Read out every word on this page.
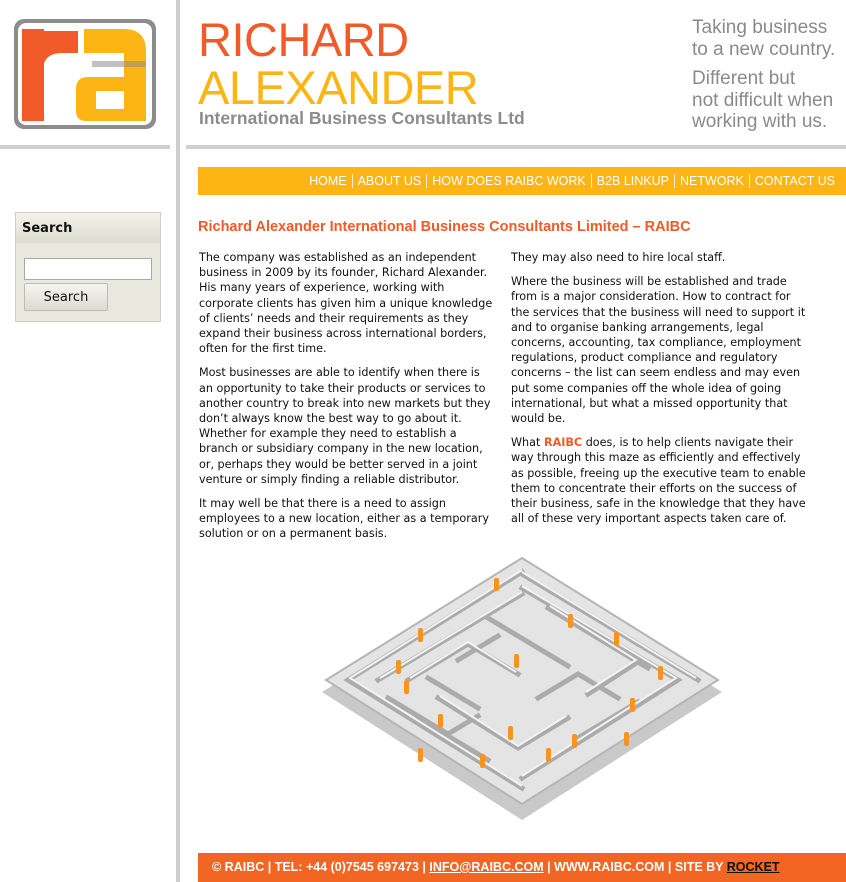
RICHARD
ALEXANDER
International Business Consultants Ltd
Taking business
to a new country.
Different but
not difficult when
working with us.
HOME ABOUT US HOW DOES RAIBC WORK B2B LINKUP NETWORK CONTACT US
Search
Search
Richard Alexander International Business Consultants Limited – RAIBC

The company was established as an independent business in 2009 by its founder, Richard Alexander. His many years of experience, working with corporate clients has given him a unique knowledge of clients’ needs and their requirements as they expand their business across international borders, often for the first time.

Most businesses are able to identify when there is an opportunity to take their products or services to another country to break into new markets but they don’t always know the best way to go about it. Whether for example they need to establish a branch or subsidiary company in the new location, or, perhaps they would be better served in a joint venture or simply finding a reliable distributor.

It may well be that there is a need to assign employees to a new location, either as a temporary solution or on a permanent basis.

They may also need to hire local staff.

Where the business will be established and trade from is a major consideration. How to contract for the services that the business will need to support it and to organise banking arrangements, legal concerns, accounting, tax compliance, employment regulations, product compliance and regulatory concerns – the list can seem endless and may even put some companies off the whole idea of going international, but what a missed opportunity that would be.

What RAIBC does, is to help clients navigate their way through this maze as efficiently and effectively as possible, freeing up the executive team to enable them to concentrate their efforts on the success of their business, safe in the knowledge that they have all of these very important aspects taken care of.

© RAIBC | TEL: +44 (0)7545 697473 | INFO@RAIBC.COM | WWW.RAIBC.COM | SITE BY ROCKET
